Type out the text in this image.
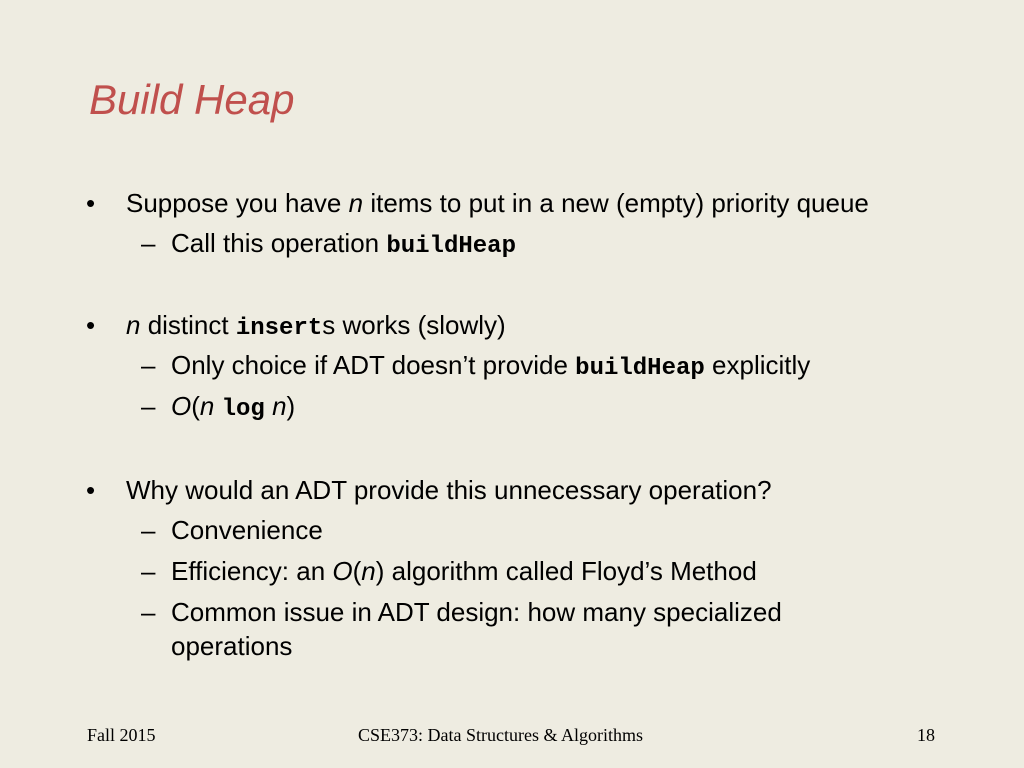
Build Heap
• Suppose you have n items to put in a new (empty) priority queue
– Call this operation buildHeap
• n distinct inserts works (slowly)
– Only choice if ADT doesn’t provide buildHeap explicitly
– O(n log n)
• Why would an ADT provide this unnecessary operation?
– Convenience
– Efficiency: an O(n) algorithm called Floyd’s Method
– Common issue in ADT design: how many specialized
operations
Fall 2015	CSE373: Data Structures & Algorithms	18
